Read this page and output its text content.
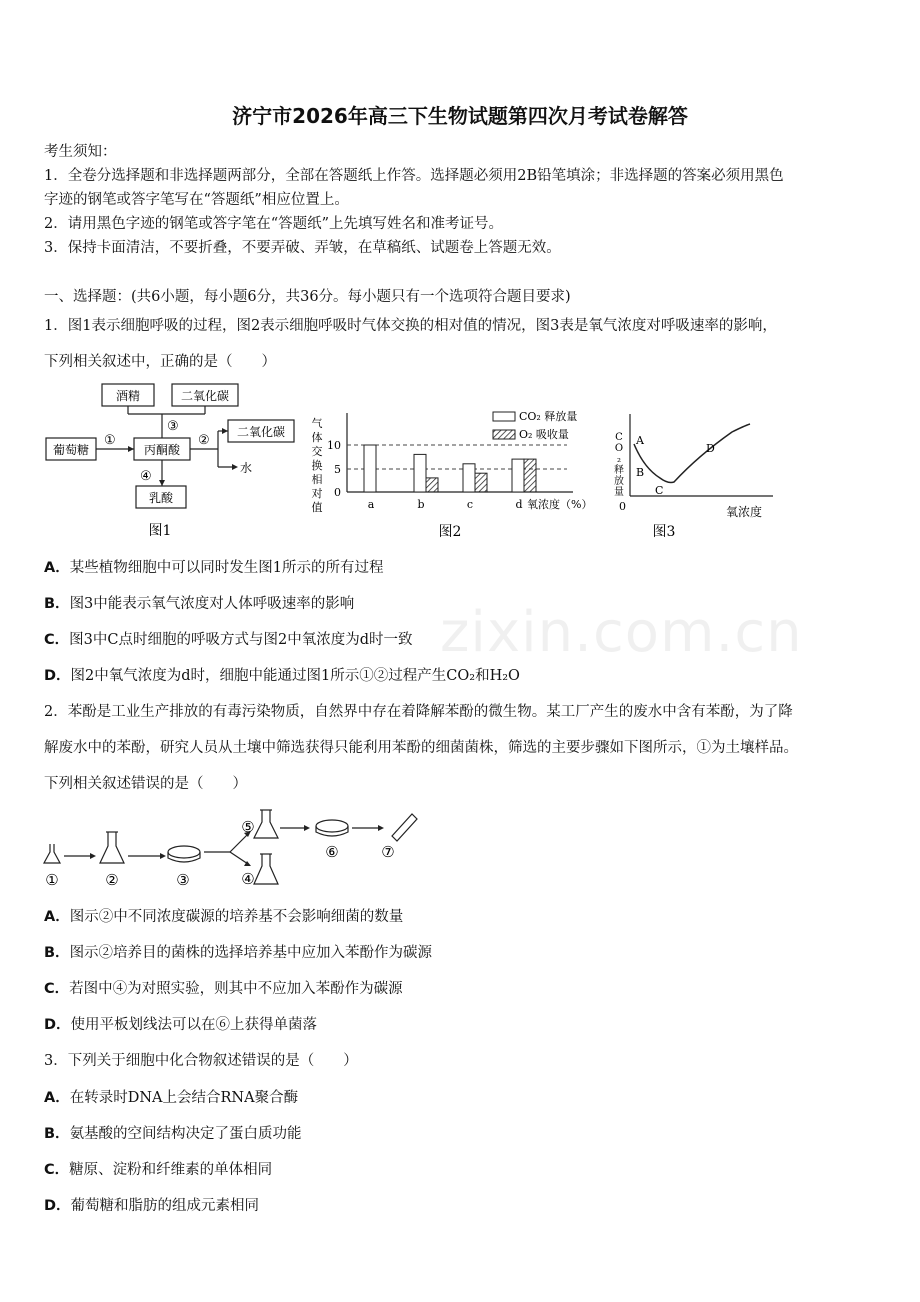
zixin.com.cn
济宁市2026年高三下生物试题第四次月考试卷解答
考生须知：
1．全卷分选择题和非选择题两部分，全部在答题纸上作答。选择题必须用2B铅笔填涂；非选择题的答案必须用黑色
字迹的钢笔或答字笔写在“答题纸”相应位置上。
2．请用黑色字迹的钢笔或答字笔在“答题纸”上先填写姓名和准考证号。
3．保持卡面清洁，不要折叠，不要弄破、弄皱，在草稿纸、试题卷上答题无效。
一、选择题：(共6小题，每小题6分，共36分。每小题只有一个选项符合题目要求)
1．图1表示细胞呼吸的过程，图2表示细胞呼吸时气体交换的相对值的情况，图3表是氧气浓度对呼吸速率的影响，
下列相关叙述中，正确的是（　　）
酒精	二氧化碳
葡萄糖	丙酮酸
二氧化碳
乳酸
水
①	②
③
④
图1
气
体
交
换
相
对
值
10
5
0
a	b	c	d 氧浓度（%）
CO₂ 释放量
O₂ 吸收量
图2
C
O
₂
释
放
量
A
B
C
D
0	氧浓度
图3
A．某些植物细胞中可以同时发生图1所示的所有过程
B．图3中能表示氧气浓度对人体呼吸速率的影响
C．图3中C点时细胞的呼吸方式与图2中氧浓度为d时一致
D．图2中氧气浓度为d时，细胞中能通过图1所示①②过程产生CO₂和H₂O
2．苯酚是工业生产排放的有毒污染物质，自然界中存在着降解苯酚的微生物。某工厂产生的废水中含有苯酚，为了降
解废水中的苯酚，研究人员从土壤中筛选获得只能利用苯酚的细菌菌株，筛选的主要步骤如下图所示，①为土壤样品。
下列相关叙述错误的是（　　）
①	②	③	④
⑤
⑥	⑦
A．图示②中不同浓度碳源的培养基不会影响细菌的数量
B．图示②培养目的菌株的选择培养基中应加入苯酚作为碳源
C．若图中④为对照实验，则其中不应加入苯酚作为碳源
D．使用平板划线法可以在⑥上获得单菌落
3．下列关于细胞中化合物叙述错误的是（　　）
A．在转录时DNA上会结合RNA聚合酶
B．氨基酸的空间结构决定了蛋白质功能
C．糖原、淀粉和纤维素的单体相同
D．葡萄糖和脂肪的组成元素相同
